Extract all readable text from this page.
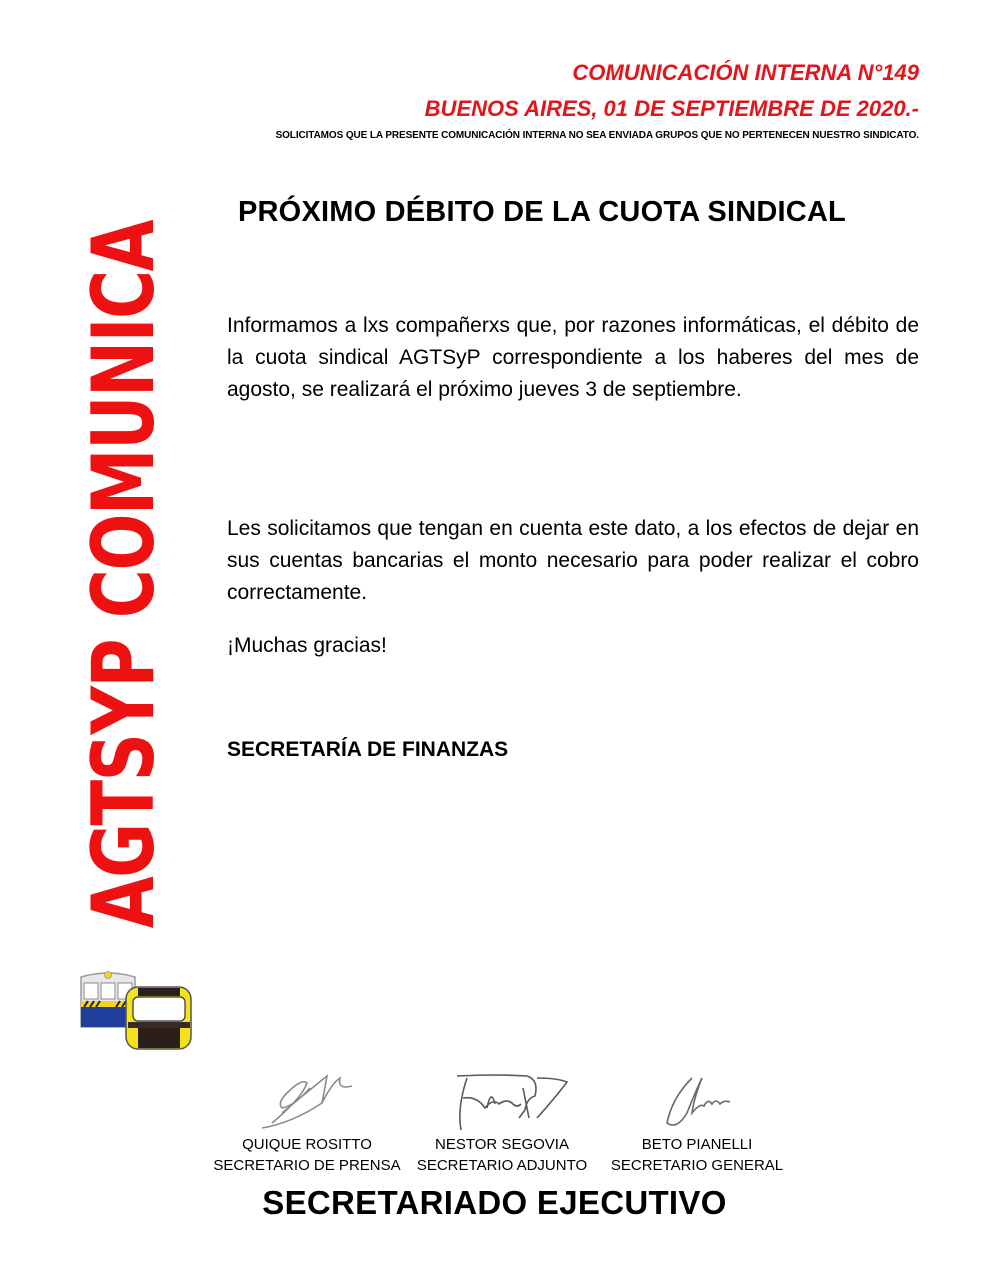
COMUNICACIÓN INTERNA N°149
BUENOS AIRES, 01 DE SEPTIEMBRE DE 2020.-
SOLICITAMOS QUE LA PRESENTE COMUNICACIÓN INTERNA NO SEA ENVIADA GRUPOS QUE NO PERTENECEN NUESTRO SINDICATO.
AGTSYP COMUNICA
PRÓXIMO DÉBITO DE LA CUOTA SINDICAL

Informamos a lxs compañerxs que, por razones informáticas, el débito de la cuota sindical AGTSyP correspondiente a los haberes del mes de agosto, se realizará el próximo jueves 3 de septiembre.

Les solicitamos que tengan en cuenta este dato, a los efectos de dejar en sus cuentas bancarias el monto necesario para poder realizar el cobro correctamente.

¡Muchas gracias!

SECRETARÍA DE FINANZAS
QUIQUE ROSITTO
SECRETARIO DE PRENSA
NESTOR SEGOVIA
SECRETARIO ADJUNTO
BETO PIANELLI
SECRETARIO GENERAL
SECRETARIADO EJECUTIVO
